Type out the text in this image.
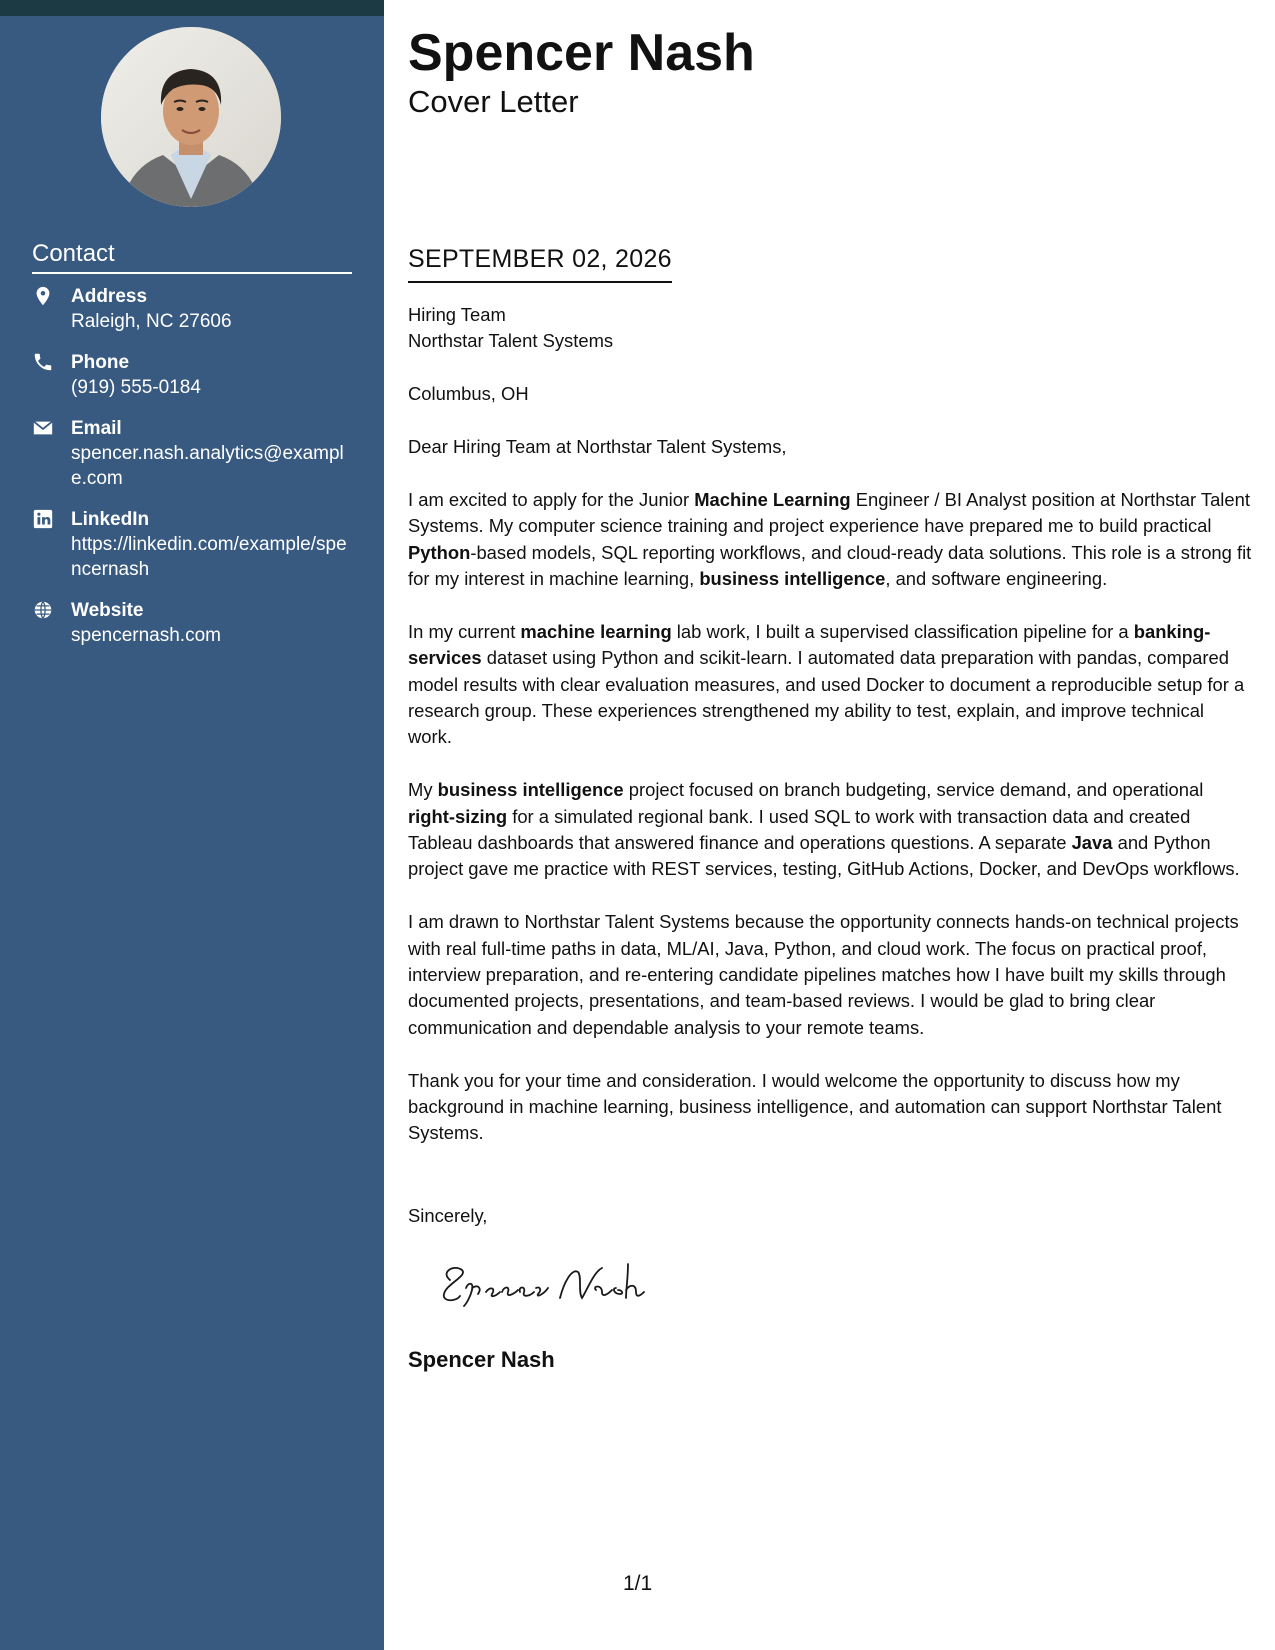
Contact
Address
Raleigh, NC 27606
Phone
(919) 555-0184
Email
spencer.nash.analytics@example.com
LinkedIn
https://linkedin.com/example/spencernash
Website
spencernash.com
Spencer Nash
Cover Letter
SEPTEMBER 02, 2026

Hiring Team

Northstar Talent Systems

Columbus, OH

Dear Hiring Team at Northstar Talent Systems,

I am excited to apply for the Junior Machine Learning Engineer / BI Analyst position at Northstar Talent Systems. My computer science training and project experience have prepared me to build practical Python-based models, SQL reporting workflows, and cloud-ready data solutions. This role is a strong fit for my interest in machine learning, business intelligence, and software engineering.

In my current machine learning lab work, I built a supervised classification pipeline for a banking-services dataset using Python and scikit-learn. I automated data preparation with pandas, compared model results with clear evaluation measures, and used Docker to document a reproducible setup for a research group. These experiences strengthened my ability to test, explain, and improve technical work.

My business intelligence project focused on branch budgeting, service demand, and operational right-sizing for a simulated regional bank. I used SQL to work with transaction data and created Tableau dashboards that answered finance and operations questions. A separate Java and Python project gave me practice with REST services, testing, GitHub Actions, Docker, and DevOps workflows.

I am drawn to Northstar Talent Systems because the opportunity connects hands-on technical projects with real full-time paths in data, ML/AI, Java, Python, and cloud work. The focus on practical proof, interview preparation, and re-entering candidate pipelines matches how I have built my skills through documented projects, presentations, and team-based reviews. I would be glad to bring clear communication and dependable analysis to your remote teams.

Thank you for your time and consideration. I would welcome the opportunity to discuss how my background in machine learning, business intelligence, and automation can support Northstar Talent Systems.

Sincerely,
Spencer Nash
1/1
